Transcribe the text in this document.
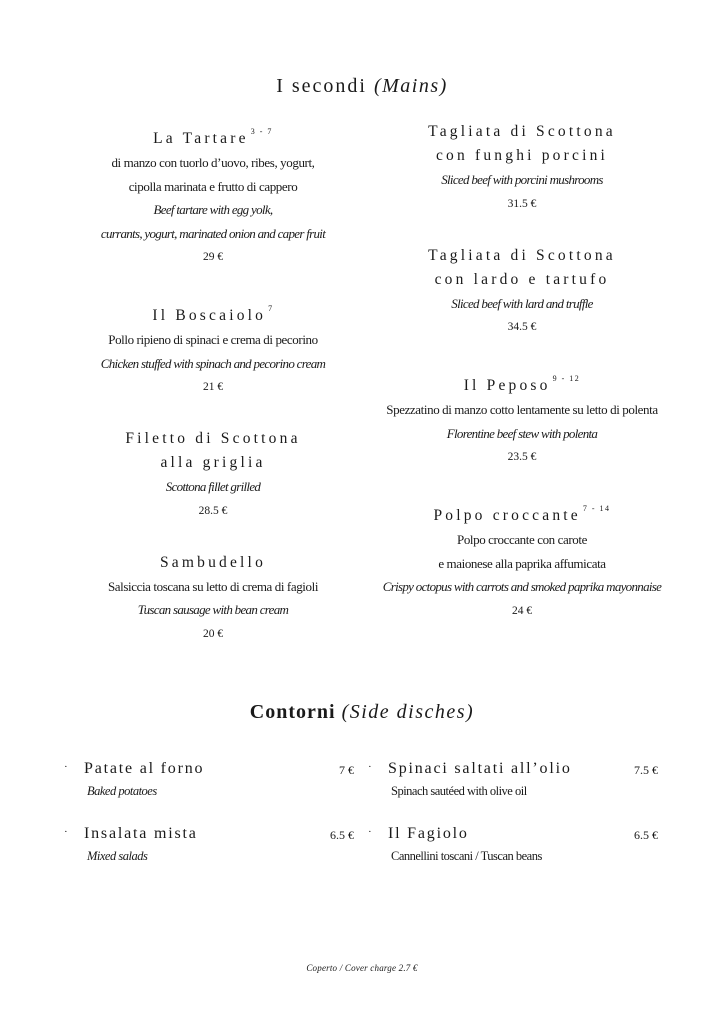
I secondi (Mains)
La Tartare $^{3 - 7}$
di manzo con tuorlo d’uovo, ribes, yogurt,
cipolla marinata e frutto di cappero
Beef tartare with egg yolk,
currants, yogurt, marinated onion and caper fruit
29 €
Il Boscaiolo $^7$
Pollo ripieno di spinaci e crema di pecorino
Chicken stuffed with spinach and pecorino cream
21 €
Filetto di Scottona
alla griglia
Scottona fillet grilled
28.5 €
Sambudello
Salsiccia toscana su letto di crema di fagioli
Tuscan sausage with bean cream
20 €
Tagliata di Scottona
con funghi porcini
Sliced beef with porcini mushrooms
31.5 €
Tagliata di Scottona
con lardo e tartufo
Sliced beef with lard and truffle
34.5 €
Il Peposo $^{9 - 12}$
Spezzatino di manzo cotto lentamente su letto di polenta
Florentine beef stew with polenta
23.5 €
Polpo croccante $^{7 - 14}$
Polpo croccante con carote
e maionese alla paprika affumicata
Crispy octopus with carrots and smoked paprika mayonnaise
24 €
Contorni (Side disches)
· Patate al forno	7 €
Baked potatoes
· Spinaci saltati all’olio	7.5 €
Spinach sautéed with olive oil
· Insalata mista	6.5 €
Mixed salads
· Il Fagiolo	6.5 €
Cannellini toscani / Tuscan beans
Coperto / Cover charge 2.7 €
